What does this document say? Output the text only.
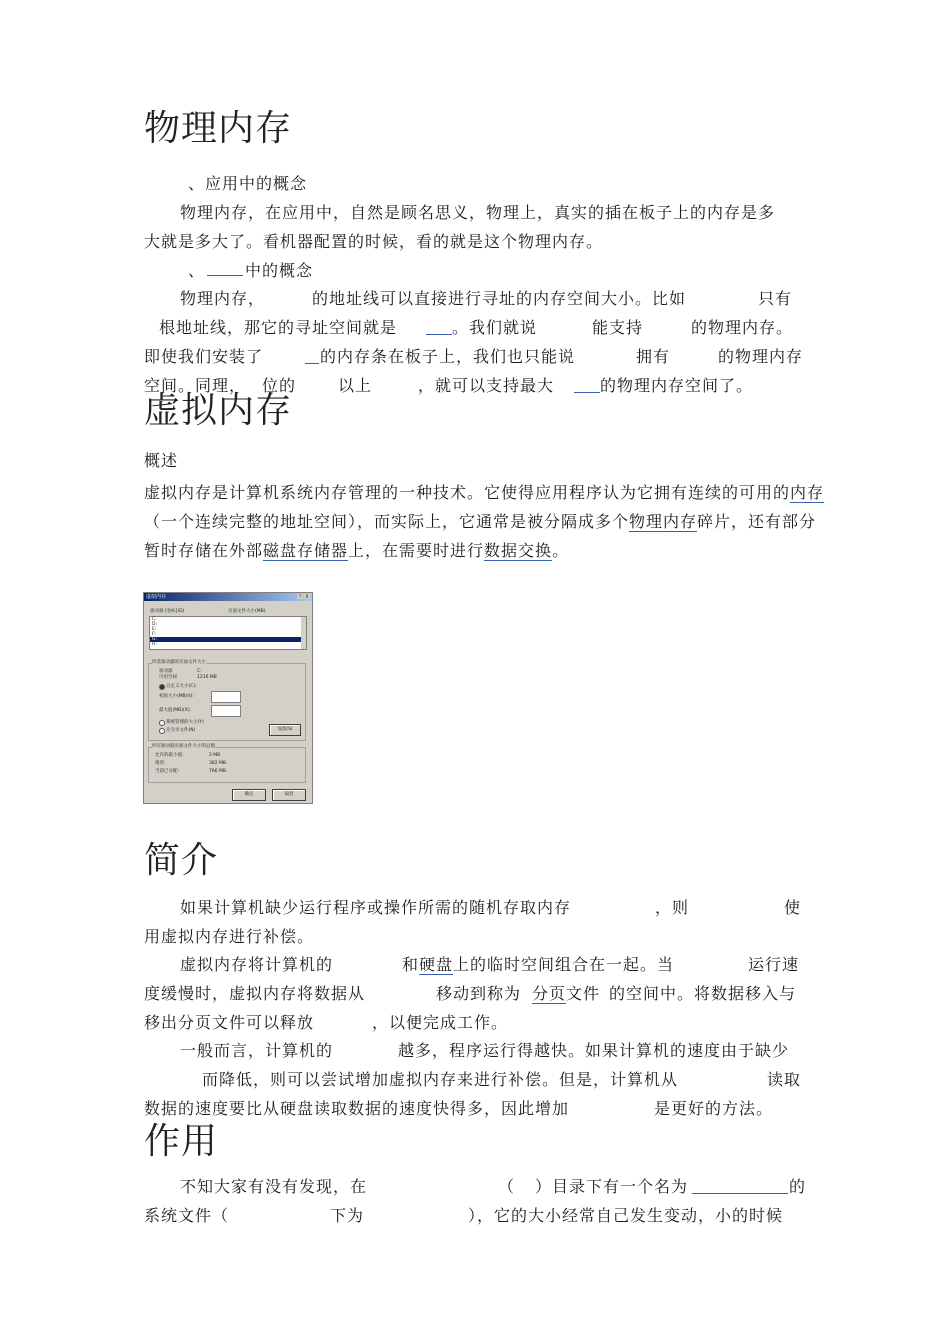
物理内存
、应用中的概念
物理内存，在应用中，自然是顾名思义，物理上，真实的插在板子上的内存是多
大就是多大了。看机器配置的时候，看的就是这个物理内存。
、	中的概念
物理内存，	的地址线可以直接进行寻址的内存空间大小。比如	只有
根地址线，那它的寻址空间就是	。我们就说	能支持	的物理内存。
即使我们安装了	的内存条在板子上，我们也只能说	拥有	的物理内存
空间。同理， 位的	以上	，就可以支持最大	的物理内存空间了。
虚拟内存
概述
虚拟内存是计算机系统内存管理的一种技术。它使得应用程序认为它拥有连续的可用的内存
（一个连续完整的地址空间），而实际上，它通常是被分隔成多个物理内存碎片，还有部分
暂时存储在外部磁盘存储器上，在需要时进行数据交换。
虚拟内存	?	X
驱动器 [卷标](D)	页面文件大小(MB)
C:
D:
E:
F:
G:
H:
所选驱动器的页面文件大小
驱动器	C:
可用空间	1216 MB
自定义大小(C):
初始大小(MB)(I):
最大值(MB)(X):
系统管理的大小(Y)
无分页文件(N)	设置(S)
所有驱动器页面文件大小的总数
允许的最小值:	2 MB
推荐:	382 MB
当前已分配:	766 MB
确定	取消
简介
如果计算机缺少运行程序或操作所需的随机存取内存	，则	使
用虚拟内存进行补偿。
虚拟内存将计算机的	和硬盘上的临时空间组合在一起。当	运行速
度缓慢时，虚拟内存将数据从	移动到称为 分页文件 的空间中。将数据移入与
移出分页文件可以释放	，以便完成工作。
一般而言，计算机的	越多，程序运行得越快。如果计算机的速度由于缺少
而降低，则可以尝试增加虚拟内存来进行补偿。但是，计算机从	读取
数据的速度要比从硬盘读取数据的速度快得多，因此增加	是更好的方法。
作用
不知大家有没有发现，在	（ ）目录下有一个名为	的
系统文件（	下为	），它的大小经常自己发生变动，小的时候
